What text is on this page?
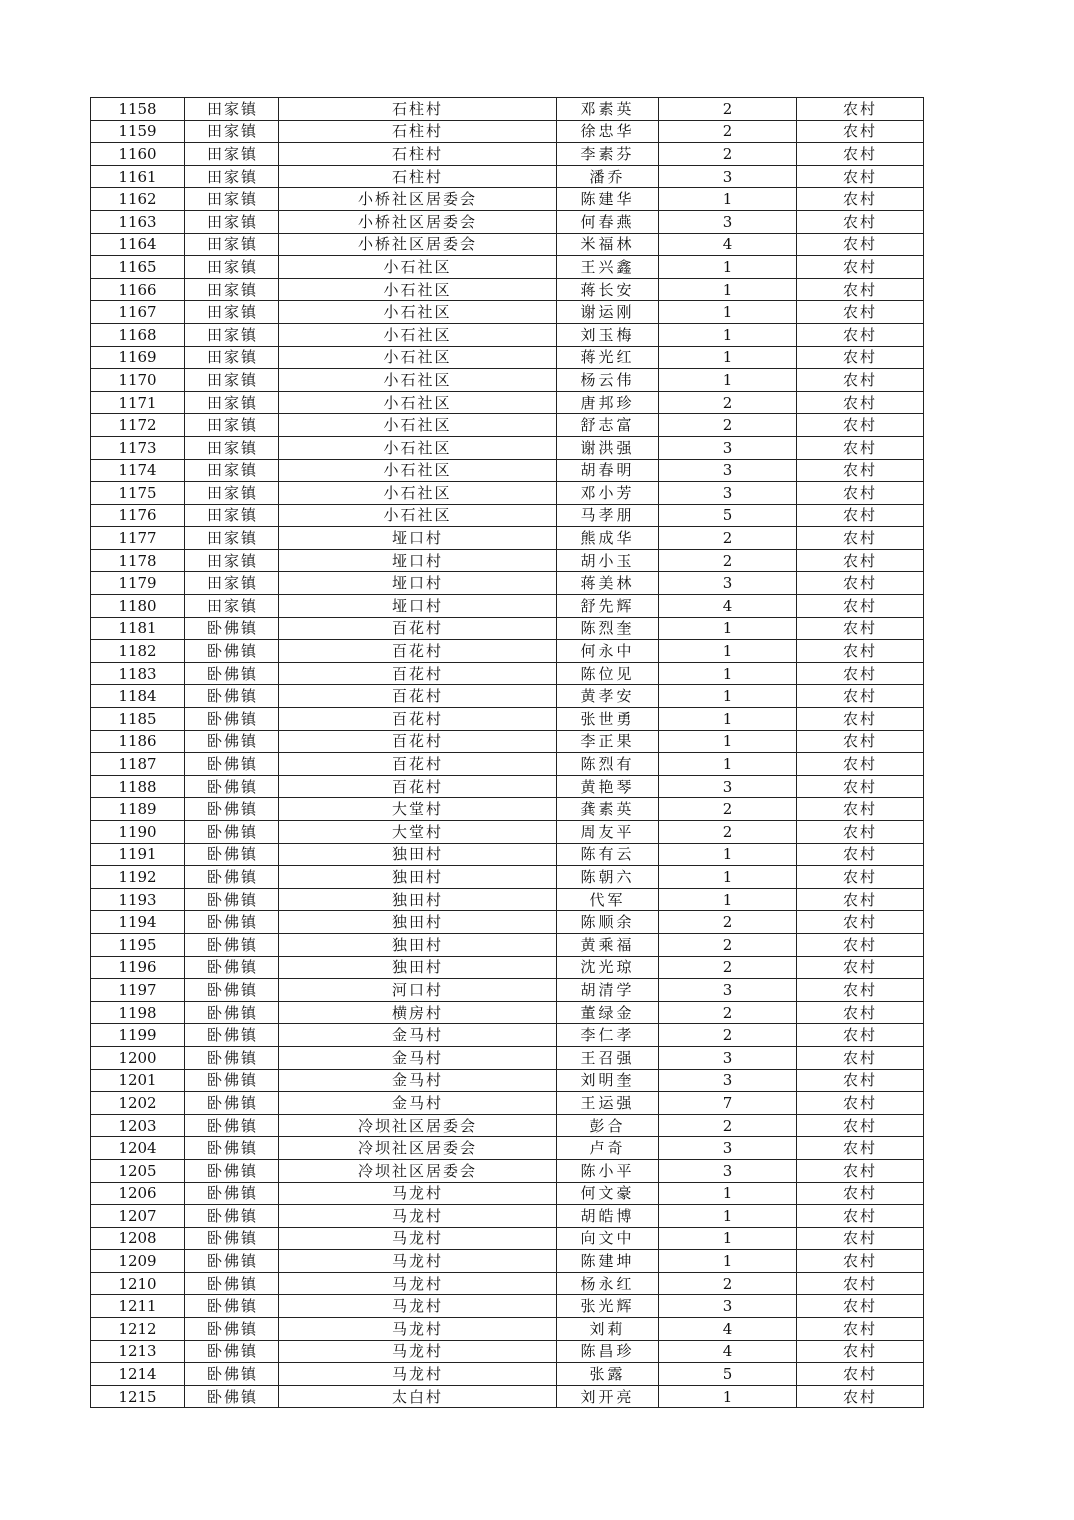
1158	田家镇	石柱村	邓素英	2	农村
1159	田家镇	石柱村	徐忠华	2	农村
1160	田家镇	石柱村	李素芬	2	农村
1161	田家镇	石柱村	潘乔	3	农村
1162	田家镇	小桥社区居委会	陈建华	1	农村
1163	田家镇	小桥社区居委会	何春燕	3	农村
1164	田家镇	小桥社区居委会	米福林	4	农村
1165	田家镇	小石社区	王兴鑫	1	农村
1166	田家镇	小石社区	蒋长安	1	农村
1167	田家镇	小石社区	谢运刚	1	农村
1168	田家镇	小石社区	刘玉梅	1	农村
1169	田家镇	小石社区	蒋光红	1	农村
1170	田家镇	小石社区	杨云伟	1	农村
1171	田家镇	小石社区	唐邦珍	2	农村
1172	田家镇	小石社区	舒志富	2	农村
1173	田家镇	小石社区	谢洪强	3	农村
1174	田家镇	小石社区	胡春明	3	农村
1175	田家镇	小石社区	邓小芳	3	农村
1176	田家镇	小石社区	马孝朋	5	农村
1177	田家镇	垭口村	熊成华	2	农村
1178	田家镇	垭口村	胡小玉	2	农村
1179	田家镇	垭口村	蒋美林	3	农村
1180	田家镇	垭口村	舒先辉	4	农村
1181	卧佛镇	百花村	陈烈奎	1	农村
1182	卧佛镇	百花村	何永中	1	农村
1183	卧佛镇	百花村	陈位见	1	农村
1184	卧佛镇	百花村	黄孝安	1	农村
1185	卧佛镇	百花村	张世勇	1	农村
1186	卧佛镇	百花村	李正果	1	农村
1187	卧佛镇	百花村	陈烈有	1	农村
1188	卧佛镇	百花村	黄艳琴	3	农村
1189	卧佛镇	大堂村	龚素英	2	农村
1190	卧佛镇	大堂村	周友平	2	农村
1191	卧佛镇	独田村	陈有云	1	农村
1192	卧佛镇	独田村	陈朝六	1	农村
1193	卧佛镇	独田村	代军	1	农村
1194	卧佛镇	独田村	陈顺余	2	农村
1195	卧佛镇	独田村	黄乘福	2	农村
1196	卧佛镇	独田村	沈光琼	2	农村
1197	卧佛镇	河口村	胡清学	3	农村
1198	卧佛镇	横房村	董绿金	2	农村
1199	卧佛镇	金马村	李仁孝	2	农村
1200	卧佛镇	金马村	王召强	3	农村
1201	卧佛镇	金马村	刘明奎	3	农村
1202	卧佛镇	金马村	王运强	7	农村
1203	卧佛镇	冷坝社区居委会	彭合	2	农村
1204	卧佛镇	冷坝社区居委会	卢奇	3	农村
1205	卧佛镇	冷坝社区居委会	陈小平	3	农村
1206	卧佛镇	马龙村	何文豪	1	农村
1207	卧佛镇	马龙村	胡皓博	1	农村
1208	卧佛镇	马龙村	向文中	1	农村
1209	卧佛镇	马龙村	陈建坤	1	农村
1210	卧佛镇	马龙村	杨永红	2	农村
1211	卧佛镇	马龙村	张光辉	3	农村
1212	卧佛镇	马龙村	刘莉	4	农村
1213	卧佛镇	马龙村	陈昌珍	4	农村
1214	卧佛镇	马龙村	张露	5	农村
1215	卧佛镇	太白村	刘开亮	1	农村
